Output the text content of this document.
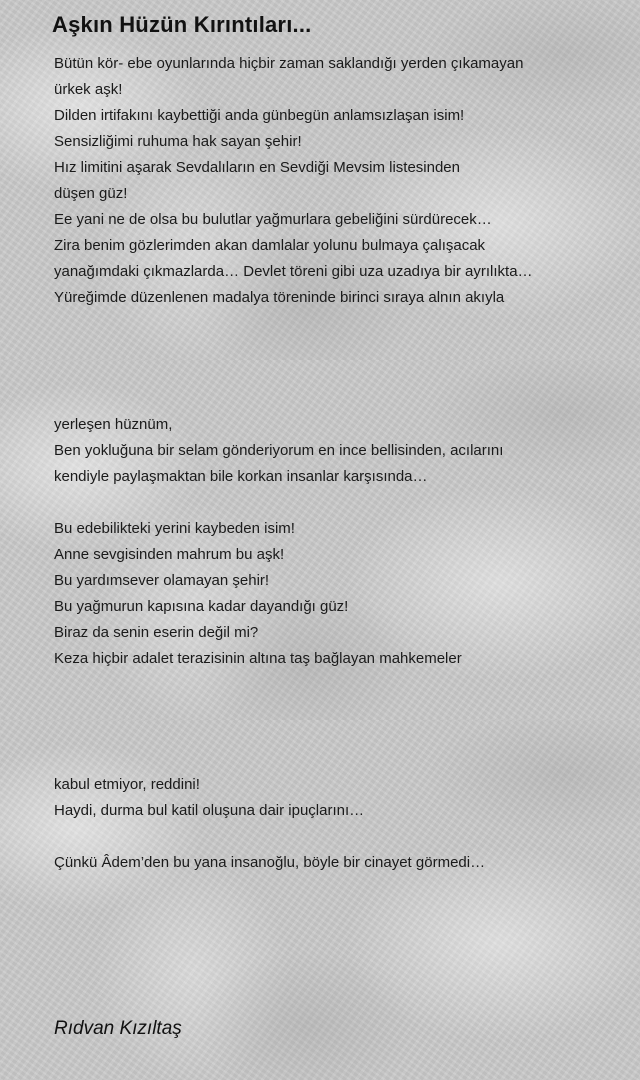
Aşkın Hüzün Kırıntıları...
Bütün kör- ebe oyunlarında hiçbir zaman saklandığı yerden çıkamayan
ürkek aşk!
Dilden irtifakını kaybettiği anda günbegün anlamsızlaşan isim!
Sensizliğimi ruhuma hak sayan şehir!
Hız limitini aşarak Sevdalıların en Sevdiği Mevsim listesinden
düşen güz!
Ee yani ne de olsa bu bulutlar yağmurlara gebeliğini sürdürecek…
Zira benim gözlerimden akan damlalar yolunu bulmaya çalışacak
yanağımdaki çıkmazlarda… Devlet töreni gibi uza uzadıya bir ayrılıkta…
Yüreğimde düzenlenen madalya töreninde birinci sıraya alnın akıyla
yerleşen hüznüm,
Ben yokluğuna bir selam gönderiyorum en ince bellisinden, acılarını
kendiyle paylaşmaktan bile korkan insanlar karşısında…
Bu edebilikteki yerini kaybeden isim!
Anne sevgisinden mahrum bu aşk!
Bu yardımsever olamayan şehir!
Bu yağmurun kapısına kadar dayandığı güz!
Biraz da senin eserin değil mi?
Keza hiçbir adalet terazisinin altına taş bağlayan mahkemeler
kabul etmiyor, reddini!
Haydi, durma bul katil oluşuna dair ipuçlarını…
Çünkü Âdem’den bu yana insanoğlu, böyle bir cinayet görmedi…

Rıdvan Kızıltaş
